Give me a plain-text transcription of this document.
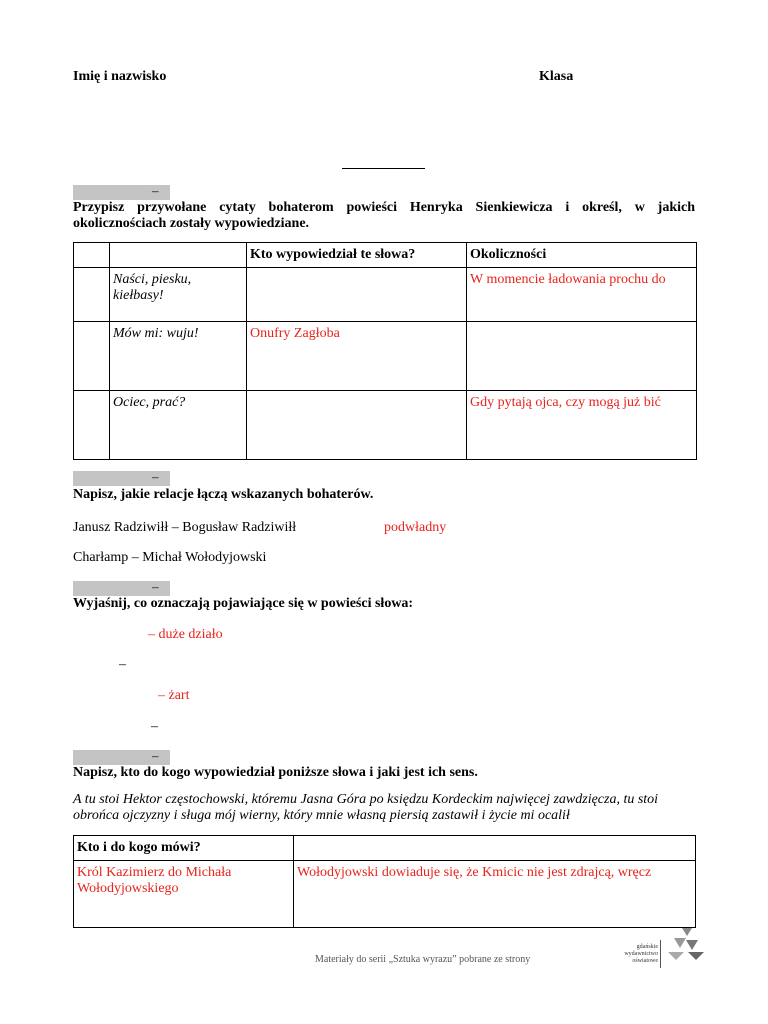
Imię i nazwisko	Klasa
–
Przypisz przywołane cytaty bohaterom powieści Henryka Sienkiewicza i określ, w jakich okolicznościach zostały wypowiedziane.
		Kto wypowiedział te słowa?	Okoliczności
	Naści, piesku, kiełbasy!		W momencie ładowania prochu do
	Mów mi: wuju!	Onufry Zagłoba	
	Ociec, prać?		Gdy pytają ojca, czy mogą już bić
–
Napisz, jakie relacje łączą wskazanych bohaterów.
Janusz Radziwiłł – Bogusław Radziwiłł	podwładny
Charłamp – Michał Wołodyjowski
–
Wyjaśnij, co oznaczają pojawiające się w powieści słowa:
– duże działo
–
– żart
–
–
Napisz, kto do kogo wypowiedział poniższe słowa i jaki jest ich sens.
A tu stoi Hektor częstochowski, któremu Jasna Góra po księdzu Kordeckim najwięcej zawdzięcza, tu stoi obrońca ojczyzny i sługa mój wierny, który mnie własną piersią zastawił i życie mi ocalił
Kto i do kogo mówi?	
Król Kazimierz do Michała Wołodyjowskiego	Wołodyjowski dowiaduje się, że Kmicic nie jest zdrajcą, wręcz
Materiały do serii „Sztuka wyrazu” pobrane ze strony
gdańskie
wydawnictwo
oświatowe
